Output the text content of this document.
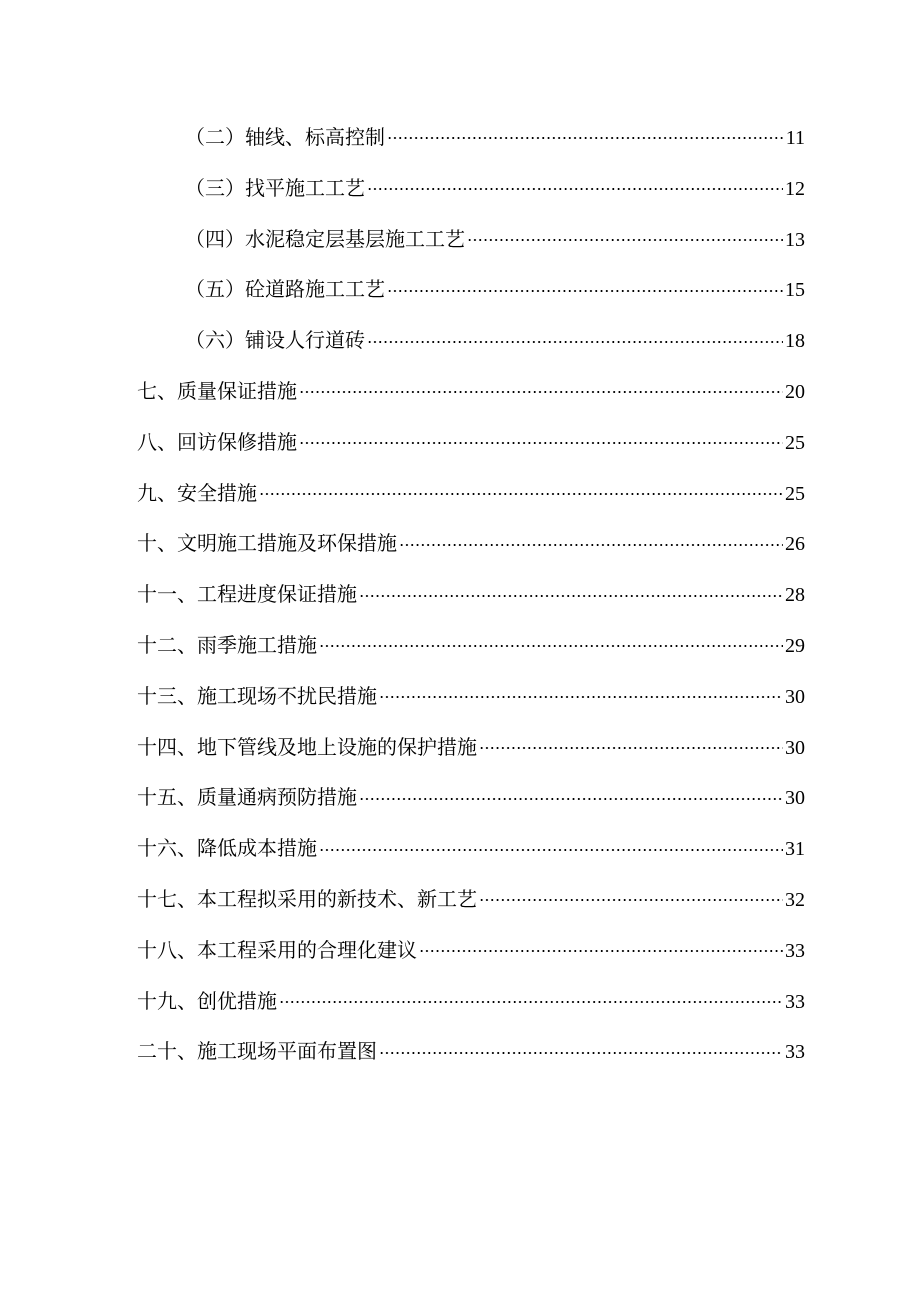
（二）轴线、标高控制	11
（三）找平施工工艺	12
（四）水泥稳定层基层施工工艺	13
（五）砼道路施工工艺	15
（六）铺设人行道砖	18
七、质量保证措施	20
八、回访保修措施	25
九、安全措施	25
十、文明施工措施及环保措施	26
十一、工程进度保证措施	28
十二、雨季施工措施	29
十三、施工现场不扰民措施	30
十四、地下管线及地上设施的保护措施	30
十五、质量通病预防措施	30
十六、降低成本措施	31
十七、本工程拟采用的新技术、新工艺	32
十八、本工程采用的合理化建议	33
十九、创优措施	33
二十、施工现场平面布置图	33
